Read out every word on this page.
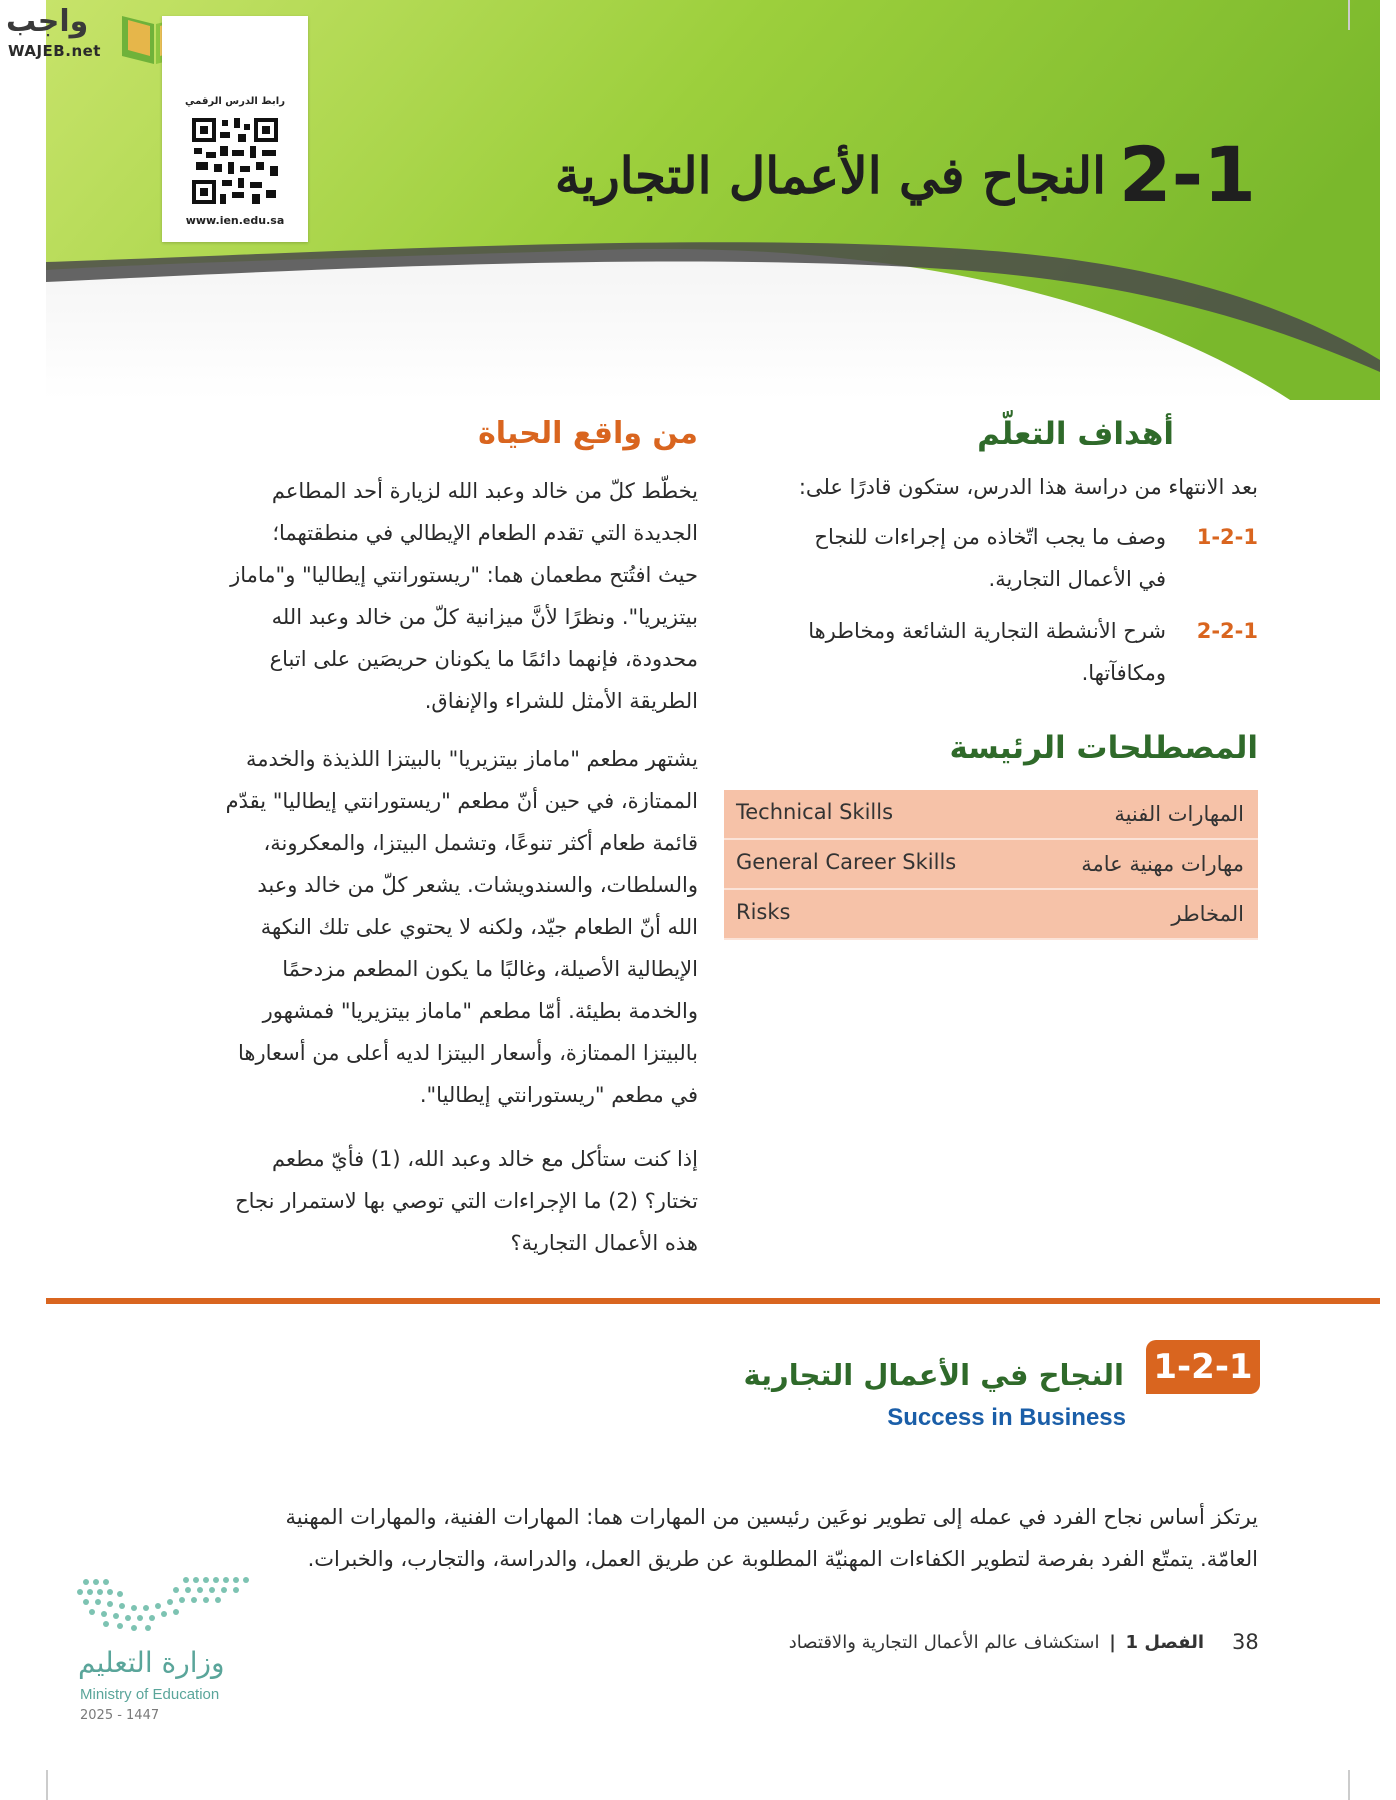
واجب
WAJEB.net
رابط الدرس الرقمي
www.ien.edu.sa
النجاح في الأعمال التجارية 2-1
أهداف التعلّم
بعد الانتهاء من دراسة هذا الدرس، ستكون قادرًا على:
1-2-1
وصف ما يجب اتّخاذه من إجراءات للنجاح
في الأعمال التجارية.
2-2-1
شرح الأنشطة التجارية الشائعة ومخاطرها
ومكافآتها.
المصطلحات الرئيسة
Technical Skills	المهارات الفنية
General Career Skills	مهارات مهنية عامة
Risks	المخاطر
من واقع الحياة
يخطّط كلّ من خالد وعبد الله لزيارة أحد المطاعم
الجديدة التي تقدم الطعام الإيطالي في منطقتهما؛
حيث افتُتح مطعمان هما: "ريستورانتي إيطاليا" و"ماماز
بيتزيريا". ونظرًا لأنَّ ميزانية كلّ من خالد وعبد الله
محدودة، فإنهما دائمًا ما يكونان حريصَين على اتباع
الطريقة الأمثل للشراء والإنفاق.
يشتهر مطعم "ماماز بيتزيريا" بالبيتزا اللذيذة والخدمة
الممتازة، في حين أنّ مطعم "ريستورانتي إيطاليا" يقدّم
قائمة طعام أكثر تنوعًا، وتشمل البيتزا، والمعكرونة،
والسلطات، والسندويشات. يشعر كلّ من خالد وعبد
الله أنّ الطعام جيّد، ولكنه لا يحتوي على تلك النكهة
الإيطالية الأصيلة، وغالبًا ما يكون المطعم مزدحمًا
والخدمة بطيئة. أمّا مطعم "ماماز بيتزيريا" فمشهور
بالبيتزا الممتازة، وأسعار البيتزا لديه أعلى من أسعارها
في مطعم "ريستورانتي إيطاليا".
إذا كنت ستأكل مع خالد وعبد الله، (1) فأيّ مطعم
تختار؟ (2) ما الإجراءات التي توصي بها لاستمرار نجاح
هذه الأعمال التجارية؟
1-2-1
النجاح في الأعمال التجارية
Success in Business
يرتكز أساس نجاح الفرد في عمله إلى تطوير نوعَين رئيسين من المهارات هما: المهارات الفنية، والمهارات المهنية
العامّة. يتمتّع الفرد بفرصة لتطوير الكفاءات المهنيّة المطلوبة عن طريق العمل، والدراسة، والتجارب، والخبرات.
وزارة التعليم
Ministry of Education
2025 - 1447
38
الفصل 1 | استكشاف عالم الأعمال التجارية والاقتصاد
